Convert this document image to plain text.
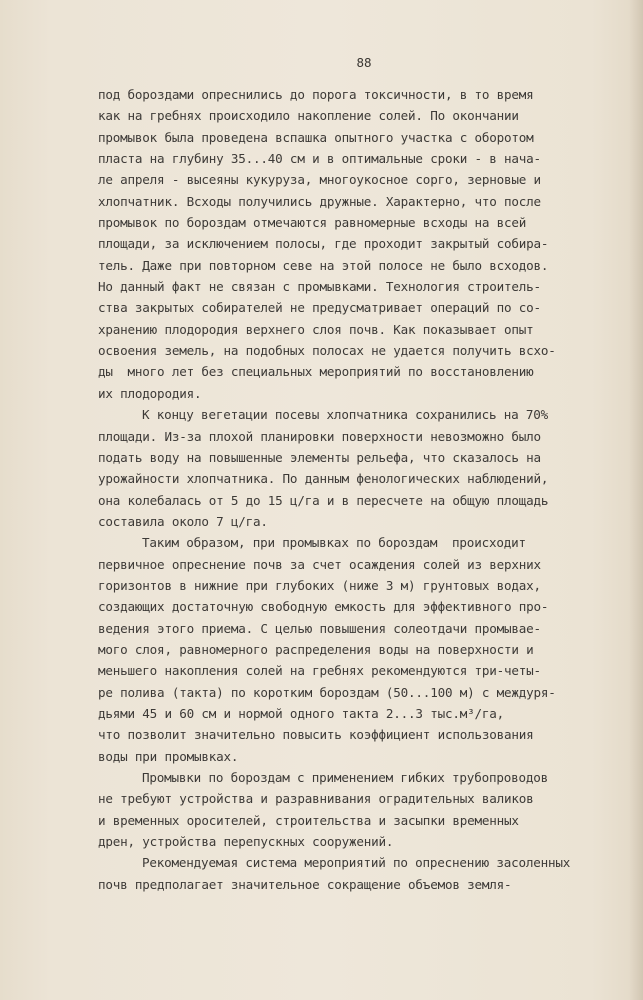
88
под бороздами опреснились до порога токсичности, в то время
как на гребнях происходило накопление солей. По окончании
промывок была проведена вспашка опытного участка с оборотом
пласта на глубину 35...40 см и в оптимальные сроки - в нача-
ле апреля - высеяны кукуруза, многоукосное сорго, зерновые и
хлопчатник. Всходы получились дружные. Характерно, что после
промывок по бороздам отмечаются равномерные всходы на всей
площади, за исключением полосы, где проходит закрытый собира-
тель. Даже при повторном севе на этой полосе не было всходов.
Но данный факт не связан с промывками. Технология строитель-
ства закрытых собирателей не предусматривает операций по со-
хранению плодородия верхнего слоя почв. Как показывает опыт
освоения земель, на подобных полосах не удается получить всхо-
ды  много лет без специальных мероприятий по восстановлению
их плодородия.
К концу вегетации посевы хлопчатника сохранились на 70%
площади. Из-за плохой планировки поверхности невозможно было
подать воду на повышенные элементы рельефа, что сказалось на
урожайности хлопчатника. По данным фенологических наблюдений,
она колебалась от 5 до 15 ц/га и в пересчете на общую площадь
составила около 7 ц/га.
Таким образом, при промывках по бороздам  происходит
первичное опреснение почв за счет осаждения солей из верхних
горизонтов в нижние при глубоких (ниже 3 м) грунтовых водах,
создающих достаточную свободную емкость для эффективного про-
ведения этого приема. С целью повышения солеотдачи промывае-
мого слоя, равномерного распределения воды на поверхности и
меньшего накопления солей на гребнях рекомендуются три-четы-
ре полива (такта) по коротким бороздам (50...100 м) с междуря-
дьями 45 и 60 см и нормой одного такта 2...3 тыс.м³/га,
что позволит значительно повысить коэффициент использования
воды при промывках.
Промывки по бороздам с применением гибких трубопроводов
не требуют устройства и разравнивания оградительных валиков
и временных оросителей, строительства и засыпки временных
дрен, устройства перепускных сооружений.
Рекомендуемая система мероприятий по опреснению засоленных
почв предполагает значительное сокращение объемов земля-
